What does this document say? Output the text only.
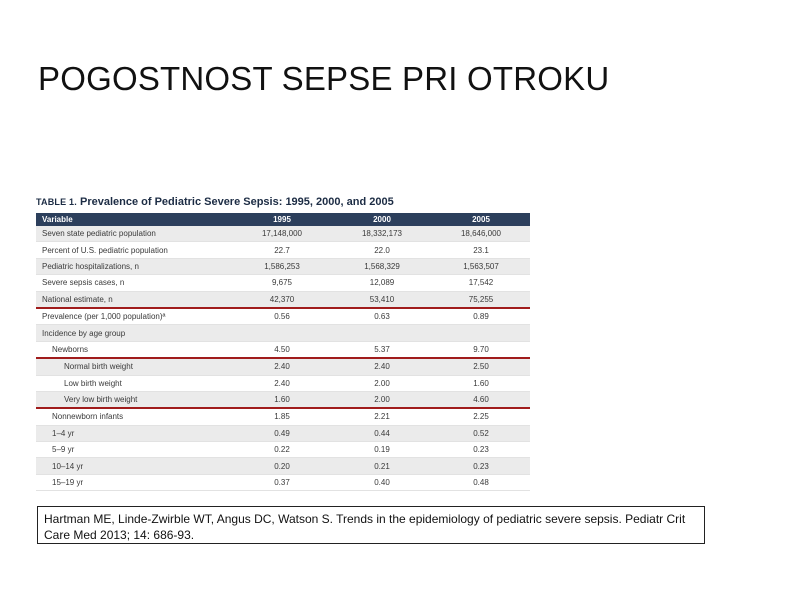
POGOSTNOST SEPSE PRI OTROKU
TABLE 1. Prevalence of Pediatric Severe Sepsis: 1995, 2000, and 2005
Variable	1995	2000	2005
Seven state pediatric population	17,148,000	18,332,173	18,646,000
Percent of U.S. pediatric population	22.7	22.0	23.1
Pediatric hospitalizations, n	1,586,253	1,568,329	1,563,507
Severe sepsis cases, n	9,675	12,089	17,542
National estimate, n	42,370	53,410	75,255
Prevalence (per 1,000 population)ª	0.56	0.63	0.89
Incidence by age group			
Newborns	4.50	5.37	9.70
Normal birth weight	2.40	2.40	2.50
Low birth weight	2.40	2.00	1.60
Very low birth weight	1.60	2.00	4.60
Nonnewborn infants	1.85	2.21	2.25
1–4 yr	0.49	0.44	0.52
5–9 yr	0.22	0.19	0.23
10–14 yr	0.20	0.21	0.23
15–19 yr	0.37	0.40	0.48
Hartman ME, Linde-Zwirble WT, Angus DC, Watson S. Trends in the epidemiology of pediatric severe sepsis. Pediatr Crit Care Med 2013; 14: 686-93.
